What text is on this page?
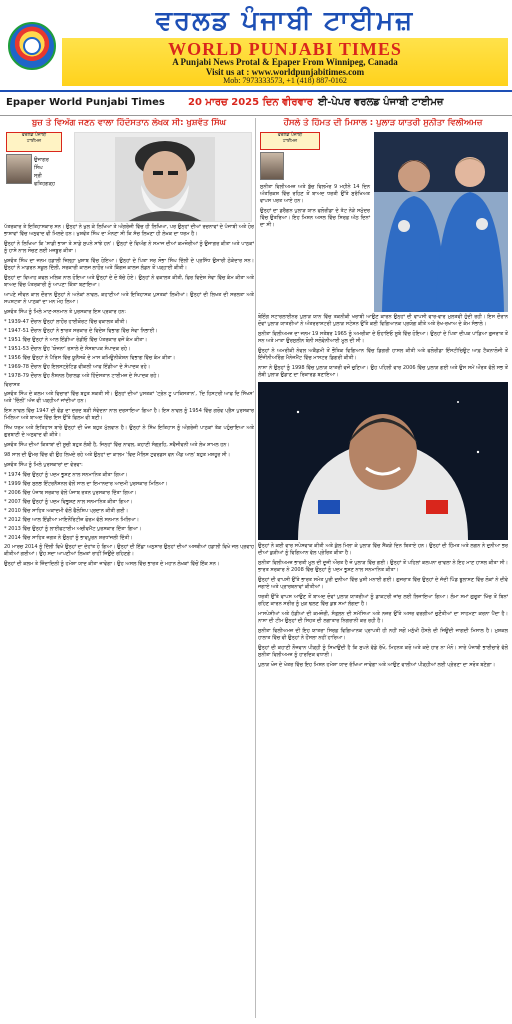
ਵਰਲਡ ਪੰਜਾਬੀ ਟਾਈਮਜ਼
WORLD PUNJABI TIMES
A Punjabi News Protal & Epaper From Winnipeg, Canada
Visit us at : www.worldpunjabitimes.com
Mob: 7973333573, +1 (418) 887-0162
Epaper World Punjabi Times 20 ਮਾਰਚ 2025 ਦਿਨ ਵੀਰਵਾਰ ਈ-ਪੇਪਰ ਵਰਲਡ ਪੰਜਾਬੀ ਟਾਈਮਜ਼
ਬੁਜ਼ ਤੇ ਵਿਅੰਗ ਜਣਨ ਵਾਲਾ ਹਿੰਦੋਸਤਾਨ ਲੇਖਕ ਸੀ: ਖੁਸ਼ਵੰਤ ਸਿੰਘ
ਵਰਲਡ ਪੰਜਾਬੀ
ਟਾਈਮਜ਼
ਉਜਾਗਰ
ਸਿੰਘ
ਸ੍ਰੀ
ਫਤਿਹਗੜ੍ਹ

ਪੱਤਰਕਾਰ ਤੇ ਇਤਿਹਾਸਕਾਰ ਸਨ। ਉਨ੍ਹਾਂ ਨੇ ਖੁਲ ਕੇ ਲਿਖਿਆ ਤੇ ਅੰਗਰੇਜ਼ੀ ਵਿੱਚ ਹੀ ਲਿਖਿਆ, ਪਰ ਉਨ੍ਹਾਂ ਦੀਆਂ ਰਚਨਾਵਾਂ ਦੇ ਪੰਜਾਬੀ ਅਤੇ ਹੋਰ ਭਾਸ਼ਾਵਾਂ ਵਿੱਚ ਅਨੁਵਾਦ ਵੀ ਮਿਲਦੇ ਹਨ। ਖੁਸ਼ਵੰਤ ਸਿੰਘ ਦਾ ਮੰਨਣਾ ਸੀ ਕਿ ਸੱਚ ਲਿਖਣਾ ਹੀ ਲੇਖਕ ਦਾ ਧਰਮ ਹੈ।

ਉਨ੍ਹਾਂ ਨੇ ਲਿਖਿਆ ਕਿ 'ਸਾਡੀ ਭਾਸ਼ਾ ਤੇ ਸਾਡੇ ਸੁਪਨੇ ਸਾਂਝੇ ਹਨ'। ਉਨ੍ਹਾਂ ਦੇ ਵਿਅੰਗ ਨੇ ਸਮਾਜ ਦੀਆਂ ਕਮਜ਼ੋਰੀਆਂ ਨੂੰ ਉਜਾਗਰ ਕੀਤਾ ਅਤੇ ਪਾਠਕਾਂ ਨੂੰ ਹਾਸੇ ਨਾਲ ਸੋਚਣ ਲਈ ਮਜਬੂਰ ਕੀਤਾ।

ਖੁਸ਼ਵੰਤ ਸਿੰਘ ਦਾ ਜਨਮ ਹਡਾਲੀ ਜ਼ਿਲ੍ਹਾ ਖੁਸ਼ਾਬ ਵਿੱਚ ਹੋਇਆ। ਉਨ੍ਹਾਂ ਦੇ ਪਿਤਾ ਸਰ ਸੋਭਾ ਸਿੰਘ ਦਿੱਲੀ ਦੇ ਪ੍ਰਸਿੱਧ ਉਸਾਰੀ ਠੇਕੇਦਾਰ ਸਨ। ਉਨ੍ਹਾਂ ਨੇ ਮਾਡਰਨ ਸਕੂਲ ਦਿੱਲੀ, ਸਰਕਾਰੀ ਕਾਲਜ ਲਾਹੌਰ ਅਤੇ ਕਿੰਗਜ਼ ਕਾਲਜ ਲੰਡਨ ਤੋਂ ਪੜ੍ਹਾਈ ਕੀਤੀ।

ਉਨ੍ਹਾਂ ਦਾ ਵਿਆਹ ਕਵਲ ਮਲਿਕ ਨਾਲ ਹੋਇਆ ਅਤੇ ਉਨ੍ਹਾਂ ਦੇ ਦੋ ਬੱਚੇ ਹੋਏ। ਉਨ੍ਹਾਂ ਨੇ ਵਕਾਲਤ ਕੀਤੀ, ਫਿਰ ਵਿਦੇਸ਼ ਸੇਵਾ ਵਿੱਚ ਕੰਮ ਕੀਤਾ ਅਤੇ ਬਾਅਦ ਵਿੱਚ ਪੱਤਰਕਾਰੀ ਨੂੰ ਆਪਣਾ ਕਿੱਤਾ ਬਣਾਇਆ।

ਆਪਣੇ ਜੀਵਨ ਕਾਲ ਦੌਰਾਨ ਉਨ੍ਹਾਂ ਨੇ ਅਨੇਕਾਂ ਨਾਵਲ, ਕਹਾਣੀਆਂ ਅਤੇ ਇਤਿਹਾਸਕ ਪੁਸਤਕਾਂ ਲਿਖੀਆਂ। ਉਨ੍ਹਾਂ ਦੀ ਲਿਖਤ ਦੀ ਸਰਲਤਾ ਅਤੇ ਸਪਸ਼ਟਤਾ ਨੇ ਪਾਠਕਾਂ ਦਾ ਮਨ ਮੋਹ ਲਿਆ।

ਖੁਸ਼ਵੰਤ ਸਿੰਘ ਨੂੰ ਮਿਲੇ ਮਾਣ-ਸਨਮਾਨ ਤੇ ਪੁਰਸਕਾਰ ਇਸ ਪ੍ਰਕਾਰ ਹਨ:

* 1939-47 ਦੌਰਾਨ ਉਨ੍ਹਾਂ ਲਾਹੌਰ ਹਾਈਕੋਰਟ ਵਿੱਚ ਵਕਾਲਤ ਕੀਤੀ।

* 1947-51 ਦੌਰਾਨ ਉਨ੍ਹਾਂ ਨੇ ਭਾਰਤ ਸਰਕਾਰ ਦੇ ਵਿਦੇਸ਼ ਵਿਭਾਗ ਵਿੱਚ ਸੇਵਾ ਨਿਭਾਈ।

* 1951 ਵਿੱਚ ਉਨ੍ਹਾਂ ਨੇ ਆਲ ਇੰਡੀਆ ਰੇਡੀਓ ਵਿੱਚ ਪੱਤਰਕਾਰ ਵਜੋਂ ਕੰਮ ਕੀਤਾ।

* 1951-53 ਦੌਰਾਨ ਉਹ 'ਯੋਜਨਾ' ਰਸਾਲੇ ਦੇ ਸੰਸਥਾਪਕ ਸੰਪਾਦਕ ਰਹੇ।

* 1956 ਵਿੱਚ ਉਨ੍ਹਾਂ ਨੇ ਪੈਰਿਸ ਵਿੱਚ ਯੂਨੈਸਕੋ ਦੇ ਮਾਸ ਕਮਿਊਨੀਕੇਸ਼ਨ ਵਿਭਾਗ ਵਿੱਚ ਕੰਮ ਕੀਤਾ।

* 1969-78 ਦੌਰਾਨ ਉਹ ਇਲਸਟ੍ਰੇਟਿਡ ਵੀਕਲੀ ਆਫ ਇੰਡੀਆ ਦੇ ਸੰਪਾਦਕ ਰਹੇ।

* 1978-79 ਦੌਰਾਨ ਉਹ ਨੈਸ਼ਨਲ ਹੈਰਾਲਡ ਅਤੇ ਹਿੰਦੋਸਤਾਨ ਟਾਈਮਜ਼ ਦੇ ਸੰਪਾਦਕ ਰਹੇ।

ਵਿਰਾਸਤ

ਖੁਸ਼ਵੰਤ ਸਿੰਘ ਦੇ ਕਲਮ ਅਤੇ ਵਿਚਾਰਾਂ ਵਿੱਚ ਬਹੁਤ ਸ਼ਕਤੀ ਸੀ। ਉਨ੍ਹਾਂ ਦੀਆਂ ਪੁਸਤਕਾਂ 'ਟ੍ਰੇਨ ਟੂ ਪਾਕਿਸਤਾਨ', 'ਦਿ ਹਿਸਟਰੀ ਆਫ ਦਿ ਸਿੱਖਸ' ਅਤੇ 'ਦਿੱਲੀ' ਅੱਜ ਵੀ ਪੜ੍ਹੀਆਂ ਜਾਂਦੀਆਂ ਹਨ।

ਇਸ ਨਾਵਲ ਵਿੱਚ 1947 ਦੀ ਵੰਡ ਦਾ ਦਰਦ ਬੜੀ ਸੰਵੇਦਨਾ ਨਾਲ ਦਰਸਾਇਆ ਗਿਆ ਹੈ। ਇਸ ਨਾਵਲ ਨੂੰ 1954 ਵਿੱਚ ਗਰੋਵ ਪ੍ਰੈਸ ਪੁਰਸਕਾਰ ਮਿਲਿਆ ਅਤੇ ਬਾਅਦ ਵਿੱਚ ਇਸ ਉੱਤੇ ਫਿਲਮ ਵੀ ਬਣੀ।

ਸਿੱਖ ਧਰਮ ਅਤੇ ਇਤਿਹਾਸ ਬਾਰੇ ਉਨ੍ਹਾਂ ਦੀ ਖੋਜ ਬਹੁਤ ਮੁੱਲਵਾਨ ਹੈ। ਉਨ੍ਹਾਂ ਨੇ ਸਿੱਖ ਇਤਿਹਾਸ ਨੂੰ ਅੰਗਰੇਜ਼ੀ ਪਾਠਕਾਂ ਤੱਕ ਪਹੁੰਚਾਇਆ ਅਤੇ ਗੁਰਬਾਣੀ ਦੇ ਅਨੁਵਾਦ ਵੀ ਕੀਤੇ।

ਖੁਸ਼ਵੰਤ ਸਿੰਘ ਦੀਆਂ ਕਿਤਾਬਾਂ ਦੀ ਸੂਚੀ ਬਹੁਤ ਲੰਬੀ ਹੈ, ਜਿਨ੍ਹਾਂ ਵਿੱਚ ਨਾਵਲ, ਕਹਾਣੀ ਸੰਗ੍ਰਹਿ, ਸਵੈਜੀਵਨੀ ਅਤੇ ਲੇਖ ਸ਼ਾਮਲ ਹਨ।

98 ਸਾਲ ਦੀ ਉਮਰ ਵਿੱਚ ਵੀ ਉਹ ਲਿਖਦੇ ਰਹੇ ਅਤੇ ਉਨ੍ਹਾਂ ਦਾ ਕਾਲਮ 'ਵਿਦ ਮੈਲਿਸ ਟੁਵਰਡਸ ਵਨ ਐਂਡ ਆਲ' ਬਹੁਤ ਮਸ਼ਹੂਰ ਸੀ।

ਖੁਸ਼ਵੰਤ ਸਿੰਘ ਨੂੰ ਮਿਲੇ ਪੁਰਸਕਾਰਾਂ ਦਾ ਵੇਰਵਾ:

* 1974 ਵਿੱਚ ਉਨ੍ਹਾਂ ਨੂੰ ਪਦਮ ਭੂਸ਼ਣ ਨਾਲ ਸਨਮਾਨਿਤ ਕੀਤਾ ਗਿਆ।

* 1999 ਵਿੱਚ ਸੁਲਭ ਇੰਟਰਨੈਸ਼ਨਲ ਵੱਲੋਂ ਸਾਲ ਦਾ ਇਮਾਨਦਾਰ ਆਦਮੀ ਪੁਰਸਕਾਰ ਮਿਲਿਆ।

* 2006 ਵਿੱਚ ਪੰਜਾਬ ਸਰਕਾਰ ਵੱਲੋਂ ਪੰਜਾਬ ਰਤਨ ਪੁਰਸਕਾਰ ਦਿੱਤਾ ਗਿਆ।

* 2007 ਵਿੱਚ ਉਨ੍ਹਾਂ ਨੂੰ ਪਦਮ ਵਿਭੂਸ਼ਣ ਨਾਲ ਸਨਮਾਨਿਤ ਕੀਤਾ ਗਿਆ।

* 2010 ਵਿੱਚ ਸਾਹਿਤ ਅਕਾਦਮੀ ਵੱਲੋਂ ਫੈਲੋਸ਼ਿਪ ਪ੍ਰਦਾਨ ਕੀਤੀ ਗਈ।

* 2012 ਵਿੱਚ ਆਲ ਇੰਡੀਆ ਮਾਇਨੌਰਿਟੀਜ਼ ਫੋਰਮ ਵੱਲੋਂ ਸਨਮਾਨ ਮਿਲਿਆ।

* 2013 ਵਿੱਚ ਉਨ੍ਹਾਂ ਨੂੰ ਲਾਈਫਟਾਈਮ ਅਚੀਵਮੈਂਟ ਪੁਰਸਕਾਰ ਦਿੱਤਾ ਗਿਆ।

* 2014 ਵਿੱਚ ਸਾਹਿਤ ਜਗਤ ਨੇ ਉਨ੍ਹਾਂ ਨੂੰ ਭਾਵਪੂਰਨ ਸ਼ਰਧਾਂਜਲੀ ਦਿੱਤੀ।

20 ਮਾਰਚ 2014 ਨੂੰ ਦਿੱਲੀ ਵਿਖੇ ਉਨ੍ਹਾਂ ਦਾ ਦੇਹਾਂਤ ਹੋ ਗਿਆ। ਉਨ੍ਹਾਂ ਦੀ ਇੱਛਾ ਅਨੁਸਾਰ ਉਨ੍ਹਾਂ ਦੀਆਂ ਅਸਥੀਆਂ ਹਡਾਲੀ ਵਿਖੇ ਜਲ ਪ੍ਰਵਾਹ ਕੀਤੀਆਂ ਗਈਆਂ। ਉਹ ਸਦਾ ਆਪਣੀਆਂ ਲਿਖਤਾਂ ਰਾਹੀਂ ਜਿਉਂਦੇ ਰਹਿਣਗੇ।

ਉਨ੍ਹਾਂ ਦੀ ਕਲਮ ਤੇ ਜ਼ਿੰਦਾਦਿਲੀ ਨੂੰ ਹਮੇਸ਼ਾ ਯਾਦ ਕੀਤਾ ਜਾਵੇਗਾ। ਉਹ ਅਸਲ ਵਿੱਚ ਭਾਰਤ ਦੇ ਮਹਾਨ ਲੇਖਕਾਂ ਵਿੱਚੋਂ ਇੱਕ ਸਨ।

ਹੌਂਸਲੇ ਤੇ ਹਿੰਮਤ ਦੀ ਮਿਸਾਲ : ਪੁਲਾੜ ਯਾਤਰੀ ਸੁਨੀਤਾ ਵਿਲੀਅਮਜ਼
ਵਰਲਡ ਪੰਜਾਬੀ
ਟਾਈਮਜ਼

ਸੁਨੀਤਾ ਵਿਲੀਅਮਜ਼ ਅਤੇ ਬੁੱਚ ਵਿਲਮੋਰ 9 ਮਹੀਨੇ 14 ਦਿਨ ਅੰਤਰਿਕਸ਼ ਵਿੱਚ ਰਹਿਣ ਤੋਂ ਬਾਅਦ ਧਰਤੀ ਉੱਤੇ ਸੁਰੱਖਿਅਤ ਵਾਪਸ ਪਰਤ ਆਏ ਹਨ।

ਉਨ੍ਹਾਂ ਦਾ ਡਰੈਗਨ ਪੁਲਾੜ ਯਾਨ ਫਲੋਰੀਡਾ ਦੇ ਤੱਟ ਨੇੜੇ ਸਮੁੰਦਰ ਵਿੱਚ ਉਤਰਿਆ। ਇਹ ਮਿਸ਼ਨ ਅਸਲ ਵਿੱਚ ਸਿਰਫ਼ ਅੱਠ ਦਿਨਾਂ ਦਾ ਸੀ।

ਬੋਇੰਗ ਸਟਾਰਲਾਈਨਰ ਪੁਲਾੜ ਯਾਨ ਵਿੱਚ ਤਕਨੀਕੀ ਖਰਾਬੀ ਆਉਣ ਕਾਰਨ ਉਨ੍ਹਾਂ ਦੀ ਵਾਪਸੀ ਵਾਰ-ਵਾਰ ਮੁਲਤਵੀ ਹੁੰਦੀ ਰਹੀ। ਇਸ ਦੌਰਾਨ ਦੋਵਾਂ ਪੁਲਾੜ ਯਾਤਰੀਆਂ ਨੇ ਅੰਤਰਰਾਸ਼ਟਰੀ ਪੁਲਾੜ ਸਟੇਸ਼ਨ ਉੱਤੇ ਕਈ ਵਿਗਿਆਨਕ ਪ੍ਰਯੋਗ ਕੀਤੇ ਅਤੇ ਰੱਖ-ਰਖਾਅ ਦੇ ਕੰਮ ਸੰਭਾਲੇ।

ਸੁਨੀਤਾ ਵਿਲੀਅਮਜ਼ ਦਾ ਜਨਮ 19 ਸਤੰਬਰ 1965 ਨੂੰ ਅਮਰੀਕਾ ਦੇ ਓਹਾਇਓ ਸੂਬੇ ਵਿੱਚ ਹੋਇਆ। ਉਨ੍ਹਾਂ ਦੇ ਪਿਤਾ ਦੀਪਕ ਪਾਂਡਿਆ ਗੁਜਰਾਤ ਤੋਂ ਸਨ ਅਤੇ ਮਾਤਾ ਉਰਸੁਲੀਨ ਬੋਨੀ ਸਲੋਵੇਨੀਆਈ ਮੂਲ ਦੀ ਸੀ।

ਉਨ੍ਹਾਂ ਨੇ ਅਮਰੀਕੀ ਨੇਵਲ ਅਕੈਡਮੀ ਤੋਂ ਭੌਤਿਕ ਵਿਗਿਆਨ ਵਿੱਚ ਡਿਗਰੀ ਹਾਸਲ ਕੀਤੀ ਅਤੇ ਫਲੋਰੀਡਾ ਇੰਸਟੀਚਿਊਟ ਆਫ਼ ਟੈਕਨਾਲੋਜੀ ਤੋਂ ਇੰਜੀਨੀਅਰਿੰਗ ਮੈਨੇਜਮੈਂਟ ਵਿੱਚ ਮਾਸਟਰ ਡਿਗਰੀ ਕੀਤੀ।

ਨਾਸਾ ਨੇ ਉਨ੍ਹਾਂ ਨੂੰ 1998 ਵਿੱਚ ਪੁਲਾੜ ਯਾਤਰੀ ਵਜੋਂ ਚੁਣਿਆ। ਉਹ ਪਹਿਲੀ ਵਾਰ 2006 ਵਿੱਚ ਪੁਲਾੜ ਗਈ ਅਤੇ ਉਸ ਸਮੇਂ ਔਰਤ ਵੱਲੋਂ ਸਭ ਤੋਂ ਲੰਬੀ ਪੁਲਾੜ ਉਡਾਣ ਦਾ ਰਿਕਾਰਡ ਬਣਾਇਆ।

ਉਨ੍ਹਾਂ ਨੇ ਕਈ ਵਾਰ ਸਪੇਸਵਾਕ ਕੀਤੀ ਅਤੇ ਕੁੱਲ ਮਿਲਾ ਕੇ ਪੁਲਾੜ ਵਿੱਚ ਸੈਂਕੜੇ ਦਿਨ ਬਿਤਾਏ ਹਨ। ਉਨ੍ਹਾਂ ਦੀ ਹਿੰਮਤ ਅਤੇ ਲਗਨ ਨੇ ਦੁਨੀਆ ਭਰ ਦੀਆਂ ਕੁੜੀਆਂ ਨੂੰ ਵਿਗਿਆਨ ਵੱਲ ਪ੍ਰੇਰਿਤ ਕੀਤਾ ਹੈ।

ਸੁਨੀਤਾ ਵਿਲੀਅਮਜ਼ ਭਾਰਤੀ ਮੂਲ ਦੀ ਦੂਜੀ ਔਰਤ ਹੈ ਜੋ ਪੁਲਾੜ ਵਿੱਚ ਗਈ। ਉਨ੍ਹਾਂ ਤੋਂ ਪਹਿਲਾਂ ਕਲਪਨਾ ਚਾਵਲਾ ਨੇ ਇਹ ਮਾਣ ਹਾਸਲ ਕੀਤਾ ਸੀ। ਭਾਰਤ ਸਰਕਾਰ ਨੇ 2008 ਵਿੱਚ ਉਨ੍ਹਾਂ ਨੂੰ ਪਦਮ ਭੂਸ਼ਣ ਨਾਲ ਸਨਮਾਨਿਤ ਕੀਤਾ।

ਉਨ੍ਹਾਂ ਦੀ ਵਾਪਸੀ ਉੱਤੇ ਭਾਰਤ ਸਮੇਤ ਪੂਰੀ ਦੁਨੀਆ ਵਿੱਚ ਖੁਸ਼ੀ ਮਨਾਈ ਗਈ। ਗੁਜਰਾਤ ਵਿੱਚ ਉਨ੍ਹਾਂ ਦੇ ਜੱਦੀ ਪਿੰਡ ਝੂਲਾਸਣ ਵਿੱਚ ਲੋਕਾਂ ਨੇ ਦੀਵੇ ਜਗਾਏ ਅਤੇ ਪ੍ਰਾਰਥਨਾਵਾਂ ਕੀਤੀਆਂ।

ਧਰਤੀ ਉੱਤੇ ਵਾਪਸ ਆਉਣ ਤੋਂ ਬਾਅਦ ਦੋਵਾਂ ਪੁਲਾੜ ਯਾਤਰੀਆਂ ਨੂੰ ਡਾਕਟਰੀ ਜਾਂਚ ਲਈ ਲਿਜਾਇਆ ਗਿਆ। ਲੰਮਾ ਸਮਾਂ ਗੁਰੂਤਾ ਖਿੱਚ ਤੋਂ ਬਿਨਾਂ ਰਹਿਣ ਕਾਰਨ ਸਰੀਰ ਨੂੰ ਮੁੜ ਢਲਣ ਵਿੱਚ ਕੁਝ ਸਮਾਂ ਲੱਗਦਾ ਹੈ।

ਮਾਸਪੇਸ਼ੀਆਂ ਅਤੇ ਹੱਡੀਆਂ ਦੀ ਕਮਜ਼ੋਰੀ, ਸੰਤੁਲਨ ਦੀ ਸਮੱਸਿਆ ਅਤੇ ਨਜ਼ਰ ਉੱਤੇ ਅਸਰ ਵਰਗੀਆਂ ਚੁਣੌਤੀਆਂ ਦਾ ਸਾਹਮਣਾ ਕਰਨਾ ਪੈਂਦਾ ਹੈ। ਨਾਸਾ ਦੀ ਟੀਮ ਉਨ੍ਹਾਂ ਦੀ ਸਿਹਤ ਦੀ ਲਗਾਤਾਰ ਨਿਗਰਾਨੀ ਕਰ ਰਹੀ ਹੈ।

ਸੁਨੀਤਾ ਵਿਲੀਅਮਜ਼ ਦੀ ਇਹ ਯਾਤਰਾ ਸਿਰਫ਼ ਵਿਗਿਆਨਕ ਪ੍ਰਾਪਤੀ ਹੀ ਨਹੀਂ ਸਗੋਂ ਮਨੁੱਖੀ ਹੌਂਸਲੇ ਦੀ ਜਿਊਂਦੀ ਜਾਗਦੀ ਮਿਸਾਲ ਹੈ। ਮੁਸ਼ਕਲ ਹਾਲਾਤ ਵਿੱਚ ਵੀ ਉਨ੍ਹਾਂ ਨੇ ਹੌਂਸਲਾ ਨਹੀਂ ਹਾਰਿਆ।

ਉਨ੍ਹਾਂ ਦੀ ਕਹਾਣੀ ਨੌਜਵਾਨ ਪੀੜ੍ਹੀ ਨੂੰ ਸਿਖਾਉਂਦੀ ਹੈ ਕਿ ਸੁਪਨੇ ਵੱਡੇ ਰੱਖੋ, ਮਿਹਨਤ ਕਰੋ ਅਤੇ ਕਦੇ ਹਾਰ ਨਾ ਮੰਨੋ। ਸਾਰੇ ਪੰਜਾਬੀ ਭਾਈਚਾਰੇ ਵੱਲੋਂ ਸੁਨੀਤਾ ਵਿਲੀਅਮਜ਼ ਨੂੰ ਹਾਰਦਿਕ ਵਧਾਈ।

ਪੁਲਾੜ ਖੋਜ ਦੇ ਖੇਤਰ ਵਿੱਚ ਇਹ ਮਿਸ਼ਨ ਹਮੇਸ਼ਾ ਯਾਦ ਰੱਖਿਆ ਜਾਵੇਗਾ ਅਤੇ ਆਉਣ ਵਾਲੀਆਂ ਪੀੜ੍ਹੀਆਂ ਲਈ ਪ੍ਰੇਰਣਾ ਦਾ ਸਰੋਤ ਬਣੇਗਾ।
